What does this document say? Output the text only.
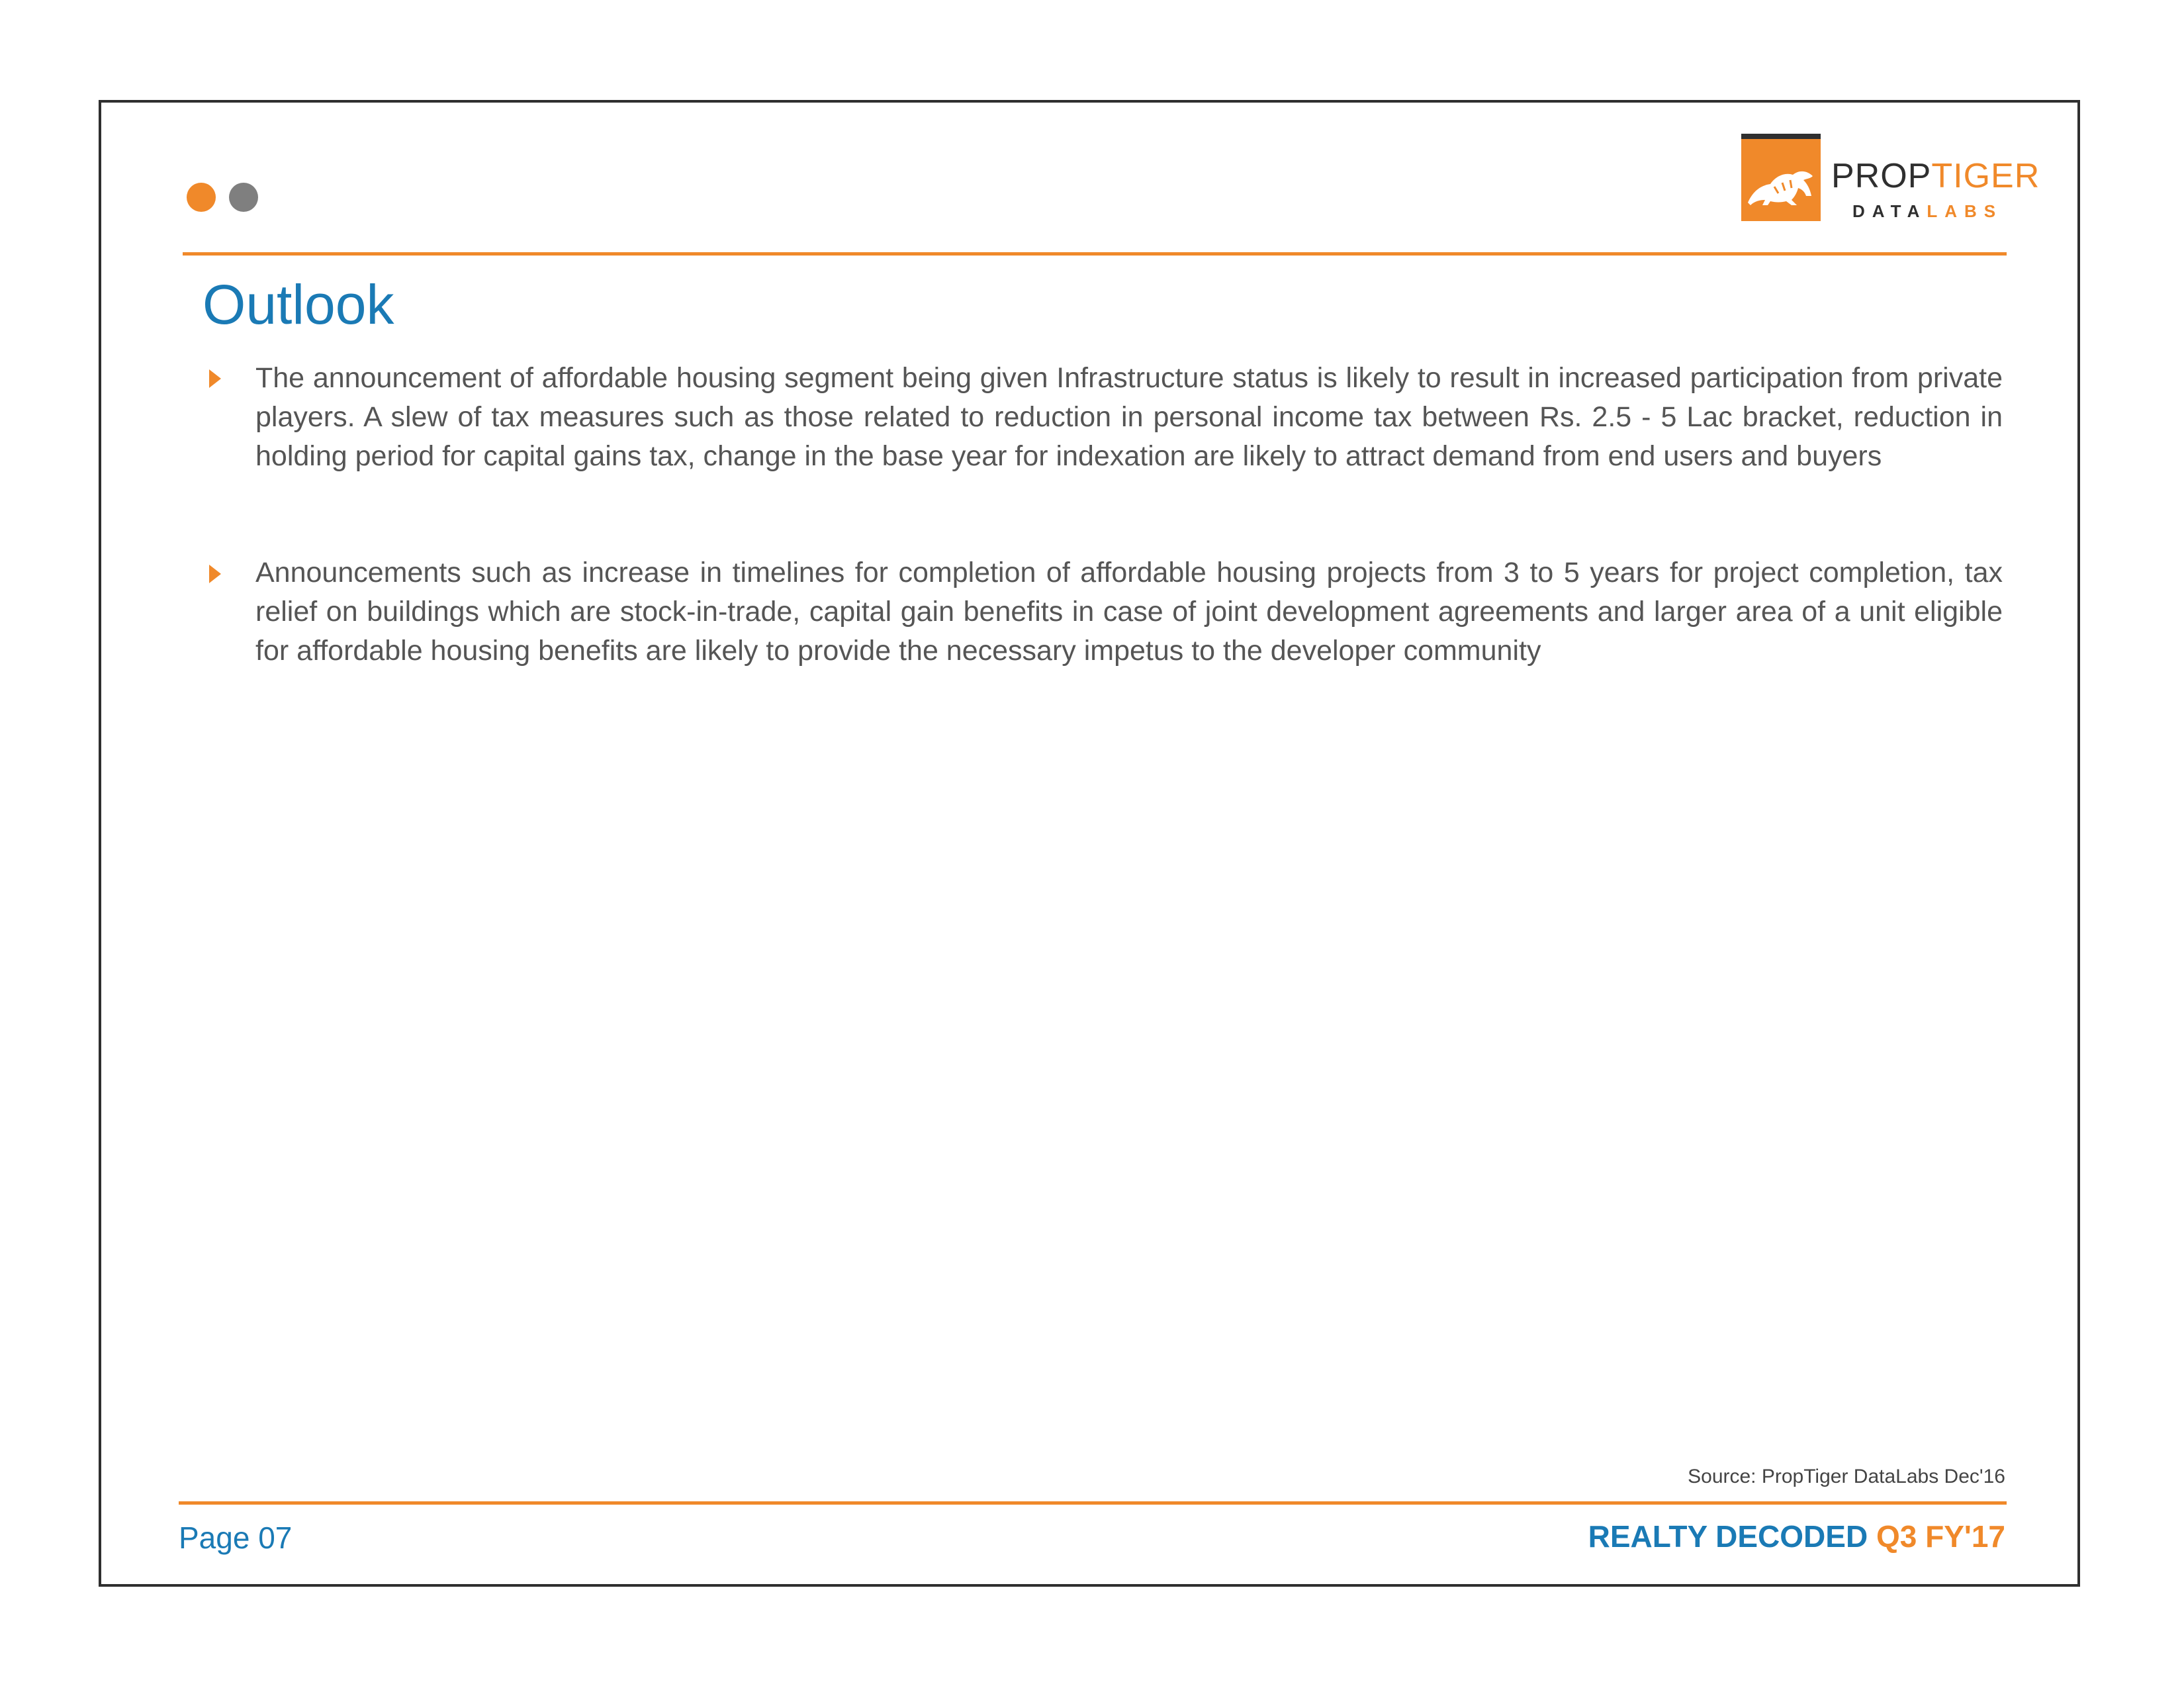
PROPTIGER
DATALABS
Outlook
The announcement of affordable housing segment being given Infrastructure status is likely to result in increased participation from private players. A slew of tax measures such as those related to reduction in personal income tax between Rs. 2.5 - 5 Lac bracket, reduction in holding period for capital gains tax, change in the base year for indexation are likely to attract demand from end users and buyers
Announcements such as increase in timelines for completion of affordable housing projects from 3 to 5 years for project completion, tax relief on buildings which are stock-in-trade, capital gain benefits in case of joint development agreements and larger area of a unit eligible for affordable housing benefits are likely to provide the necessary impetus to the developer community
Source: PropTiger DataLabs Dec'16
Page 07	REALTY DECODED Q3 FY'17
